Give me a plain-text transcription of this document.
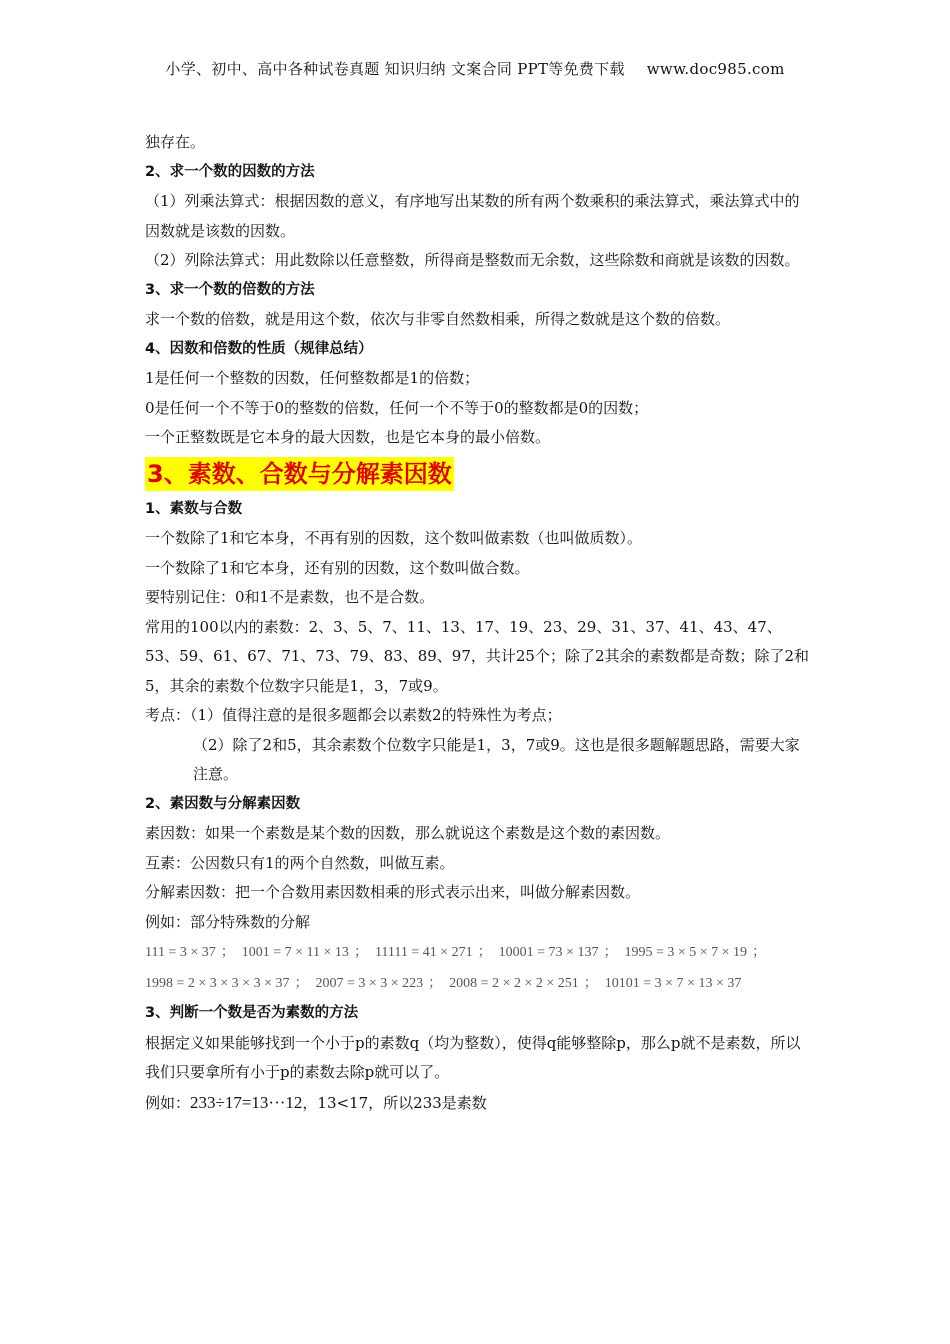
小学、初中、高中各种试卷真题 知识归纳 文案合同 PPT等免费下载 www.doc985.com

独存在。

2、求一个数的因数的方法

（1）列乘法算式：根据因数的意义，有序地写出某数的所有两个数乘积的乘法算式，乘法算式中的因数就是该数的因数。

（2）列除法算式：用此数除以任意整数，所得商是整数而无余数，这些除数和商就是该数的因数。

3、求一个数的倍数的方法

求一个数的倍数，就是用这个数，依次与非零自然数相乘，所得之数就是这个数的倍数。

4、因数和倍数的性质（规律总结）

1是任何一个整数的因数，任何整数都是1的倍数；

0是任何一个不等于0的整数的倍数，任何一个不等于0的整数都是0的因数；

一个正整数既是它本身的最大因数，也是它本身的最小倍数。

3、素数、合数与分解素因数

1、素数与合数

一个数除了1和它本身，不再有别的因数，这个数叫做素数（也叫做质数）。

一个数除了1和它本身，还有别的因数，这个数叫做合数。

要特别记住：0和1不是素数，也不是合数。

常用的100以内的素数：2、3、5、7、11、13、17、19、23、29、31、37、41、43、47、53、59、61、67、71、73、79、83、89、97，共计25个；除了2其余的素数都是奇数；除了2和5，其余的素数个位数字只能是1，3，7或9。

考点：（1）值得注意的是很多题都会以素数2的特殊性为考点；

（2）除了2和5，其余素数个位数字只能是1，3，7或9。这也是很多题解题思路，需要大家注意。

2、素因数与分解素因数

素因数：如果一个素数是某个数的因数，那么就说这个素数是这个数的素因数。

互素：公因数只有1的两个自然数，叫做互素。

分解素因数：把一个合数用素因数相乘的形式表示出来，叫做分解素因数。

例如：部分特殊数的分解

111 = 3 × 37 ； 1001 = 7 × 11 × 13 ； 11111 = 41 × 271 ； 10001 = 73 × 137 ； 1995 = 3 × 5 × 7 × 19 ；
1998 = 2 × 3 × 3 × 3 × 37 ； 2007 = 3 × 3 × 223 ； 2008 = 2 × 2 × 2 × 251 ； 10101 = 3 × 7 × 13 × 37

3、判断一个数是否为素数的方法

根据定义如果能够找到一个小于p的素数q（均为整数），使得q能够整除p，那么p就不是素数，所以我们只要拿所有小于p的素数去除p就可以了。

例如：233÷17=13···12，13<17，所以233是素数
